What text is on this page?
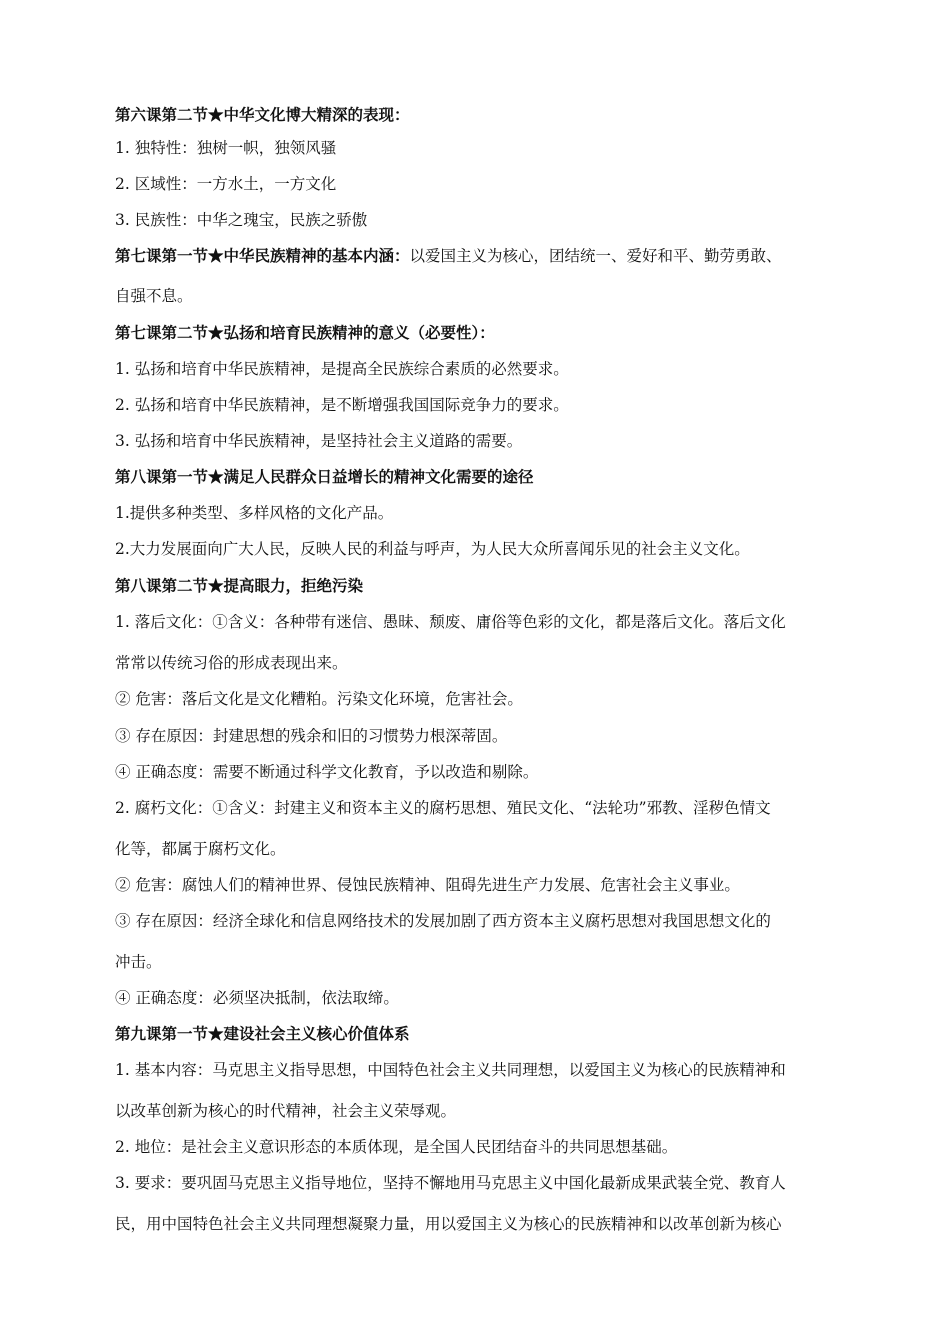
第六课第二节★中华文化博大精深的表现：
1. 独特性：独树一帜，独领风骚
2. 区域性：一方水土，一方文化
3. 民族性：中华之瑰宝，民族之骄傲
第七课第一节★中华民族精神的基本内涵：以爱国主义为核心，团结统一、爱好和平、勤劳勇敢、
自强不息。
第七课第二节★弘扬和培育民族精神的意义（必要性）：
1. 弘扬和培育中华民族精神，是提高全民族综合素质的必然要求。
2. 弘扬和培育中华民族精神，是不断增强我国国际竞争力的要求。
3. 弘扬和培育中华民族精神，是坚持社会主义道路的需要。
第八课第一节★满足人民群众日益增长的精神文化需要的途径
1.提供多种类型、多样风格的文化产品。
2.大力发展面向广大人民，反映人民的利益与呼声，为人民大众所喜闻乐见的社会主义文化。
第八课第二节★提高眼力，拒绝污染
1. 落后文化：①含义：各种带有迷信、愚昧、颓废、庸俗等色彩的文化，都是落后文化。落后文化
常常以传统习俗的形成表现出来。
② 危害：落后文化是文化糟粕。污染文化环境，危害社会。
③ 存在原因：封建思想的残余和旧的习惯势力根深蒂固。
④ 正确态度：需要不断通过科学文化教育，予以改造和剔除。
2. 腐朽文化：①含义：封建主义和资本主义的腐朽思想、殖民文化、“法轮功”邪教、淫秽色情文
化等，都属于腐朽文化。
② 危害：腐蚀人们的精神世界、侵蚀民族精神、阻碍先进生产力发展、危害社会主义事业。
③ 存在原因：经济全球化和信息网络技术的发展加剧了西方资本主义腐朽思想对我国思想文化的
冲击。
④ 正确态度：必须坚决抵制，依法取缔。
第九课第一节★建设社会主义核心价值体系
1. 基本内容：马克思主义指导思想，中国特色社会主义共同理想，以爱国主义为核心的民族精神和
以改革创新为核心的时代精神，社会主义荣辱观。
2. 地位：是社会主义意识形态的本质体现，是全国人民团结奋斗的共同思想基础。
3. 要求：要巩固马克思主义指导地位，坚持不懈地用马克思主义中国化最新成果武装全党、教育人
民，用中国特色社会主义共同理想凝聚力量，用以爱国主义为核心的民族精神和以改革创新为核心
